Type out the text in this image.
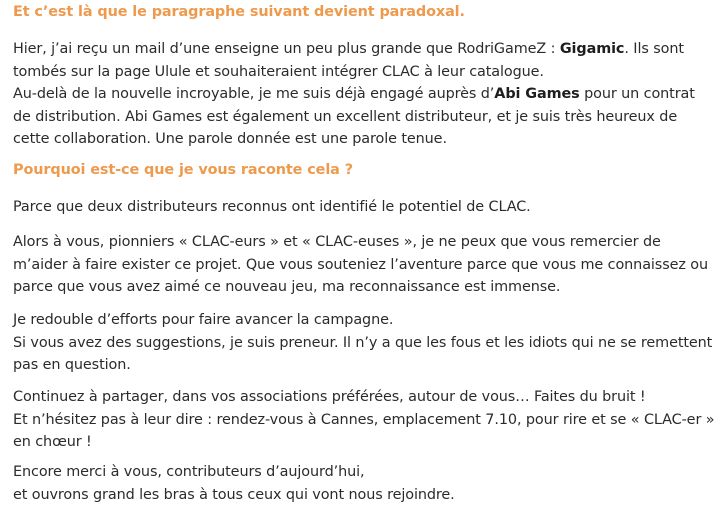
Et c’est là que le paragraphe suivant devient paradoxal.
Hier, j’ai reçu un mail d’une enseigne un peu plus grande que RodriGameZ : Gigamic. Ils sont
tombés sur la page Ulule et souhaiteraient intégrer CLAC à leur catalogue.
Au-delà de la nouvelle incroyable, je me suis déjà engagé auprès d’Abi Games pour un contrat
de distribution. Abi Games est également un excellent distributeur, et je suis très heureux de
cette collaboration. Une parole donnée est une parole tenue.
Pourquoi est-ce que je vous raconte cela ?
Parce que deux distributeurs reconnus ont identifié le potentiel de CLAC.
Alors à vous, pionniers « CLAC-eurs » et « CLAC-euses », je ne peux que vous remercier de
m’aider à faire exister ce projet. Que vous souteniez l’aventure parce que vous me connaissez ou
parce que vous avez aimé ce nouveau jeu, ma reconnaissance est immense.
Je redouble d’efforts pour faire avancer la campagne.
Si vous avez des suggestions, je suis preneur. Il n’y a que les fous et les idiots qui ne se remettent
pas en question.
Continuez à partager, dans vos associations préférées, autour de vous… Faites du bruit !
Et n’hésitez pas à leur dire : rendez-vous à Cannes, emplacement 7.10, pour rire et se « CLAC-er »
en chœur !
Encore merci à vous, contributeurs d’aujourd’hui,
et ouvrons grand les bras à tous ceux qui vont nous rejoindre.
